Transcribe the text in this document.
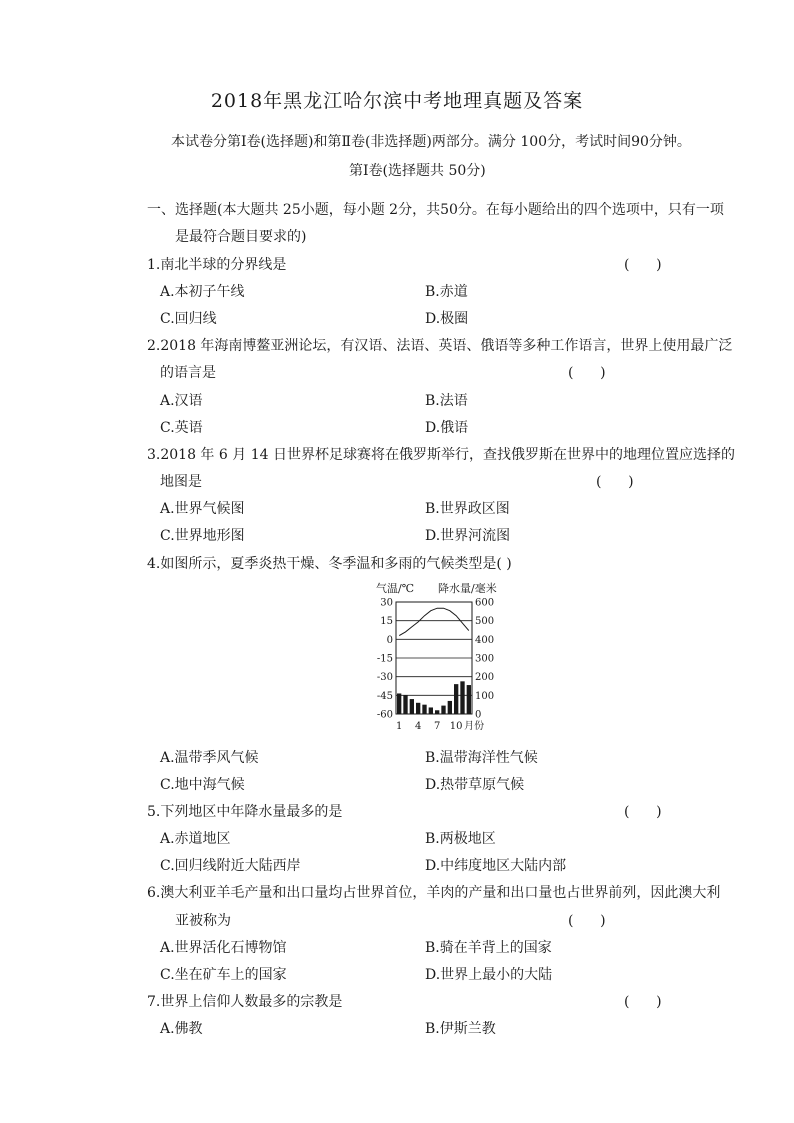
2018年黑龙江哈尔滨中考地理真题及答案
本试卷分第Ⅰ卷(选择题)和第Ⅱ卷(非选择题)两部分。满分 100分，考试时间90分钟。
第Ⅰ卷(选择题共 50分)
一、选择题(本大题共 25小题，每小题 2分，共50分。在每小题给出的四个选项中，只有一项
是最符合题目要求的)
1.南北半球的分界线是	(      )
A.本初子午线	B.赤道
C.回归线	D.极圈
2.2018 年海南博鳌亚洲论坛，有汉语、法语、英语、俄语等多种工作语言，世界上使用最广泛
的语言是	(      )
A.汉语	B.法语
C.英语	D.俄语
3.2018 年 6 月 14 日世界杯足球赛将在俄罗斯举行，查找俄罗斯在世界中的地理位置应选择的
地图是	(      )
A.世界气候图	B.世界政区图
C.世界地形图	D.世界河流图
4.如图所示，夏季炎热干燥、冬季温和多雨的气候类型是( )
气温/℃ 降水量/毫米
30
15
0
-15
-30
-45
-60
600
500
400
300
200
100
0
1 4 7 10 月份
A.温带季风气候	B.温带海洋性气候
C.地中海气候	D.热带草原气候
5.下列地区中年降水量最多的是	(      )
A.赤道地区	B.两极地区
C.回归线附近大陆西岸	D.中纬度地区大陆内部
6.澳大利亚羊毛产量和出口量均占世界首位，羊肉的产量和出口量也占世界前列，因此澳大利
亚被称为	(      )
A.世界活化石博物馆	B.骑在羊背上的国家
C.坐在矿车上的国家	D.世界上最小的大陆
7.世界上信仰人数最多的宗教是	(      )
A.佛教	B.伊斯兰教
